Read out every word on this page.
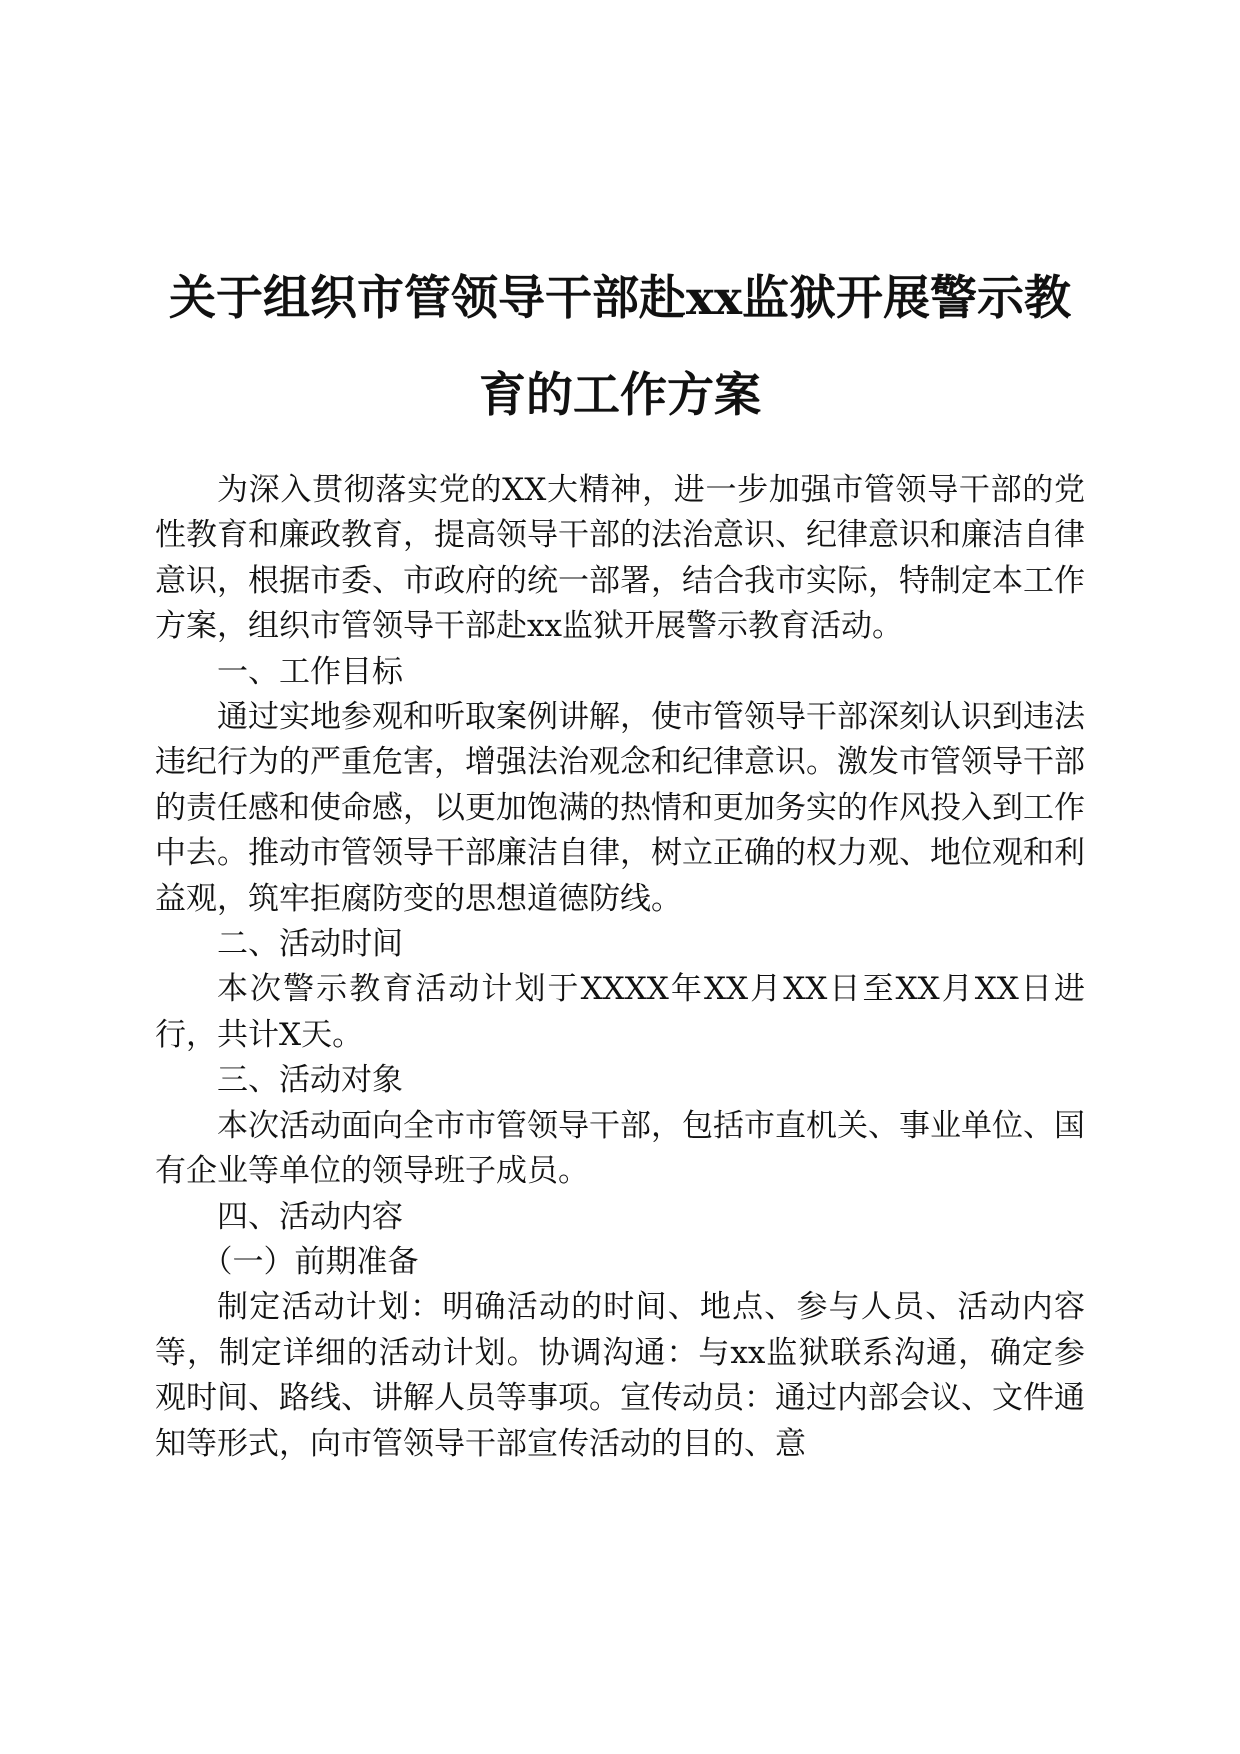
关于组织市管领导干部赴xx监狱开展警示教
育的工作方案

为深入贯彻落实党的XX大精神，进一步加强市管领导干部的党性教育和廉政教育，提高领导干部的法治意识、纪律意识和廉洁自律意识，根据市委、市政府的统一部署，结合我市实际，特制定本工作方案，组织市管领导干部赴xx监狱开展警示教育活动。

一、工作目标

通过实地参观和听取案例讲解，使市管领导干部深刻认识到违法违纪行为的严重危害，增强法治观念和纪律意识。激发市管领导干部的责任感和使命感，以更加饱满的热情和更加务实的作风投入到工作中去。推动市管领导干部廉洁自律，树立正确的权力观、地位观和利益观，筑牢拒腐防变的思想道德防线。

二、活动时间

本次警示教育活动计划于XXXX年XX月XX日至XX月XX日进行，共计X天。

三、活动对象

本次活动面向全市市管领导干部，包括市直机关、事业单位、国有企业等单位的领导班子成员。

四、活动内容

（一）前期准备

制定活动计划：明确活动的时间、地点、参与人员、活动内容等，制定详细的活动计划。协调沟通：与xx监狱联系沟通，确定参观时间、路线、讲解人员等事项。宣传动员：通过内部会议、文件通知等形式，向市管领导干部宣传活动的目的、意
